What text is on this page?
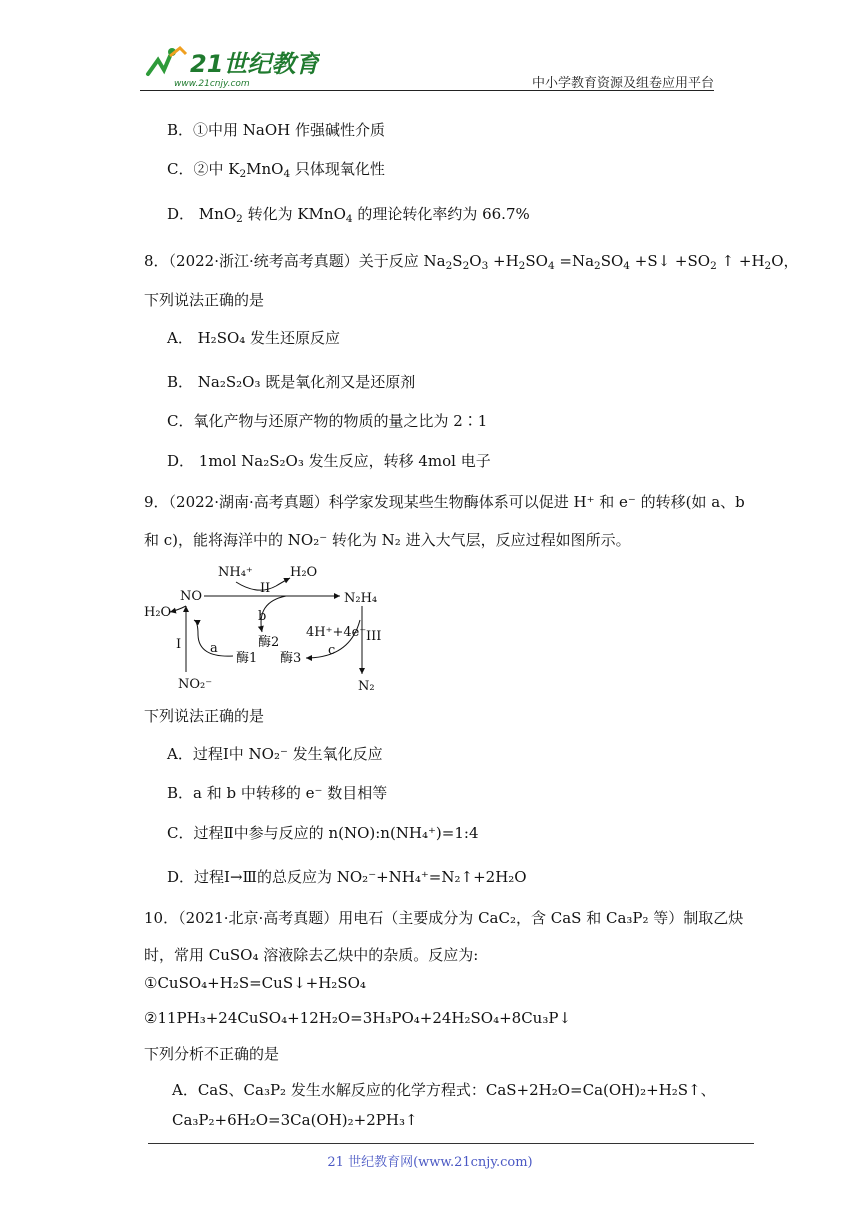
21世纪教育
www.21cnjy.com	中小学教育资源及组卷应用平台
B．①中用 NaOH 作强碱性介质
C．②中 $K_2MnO_4$ 只体现氧化性
D． MnO$_2$ 转化为 KMnO$_4$ 的理论转化率约为 66.7%
8．（2022·浙江·统考高考真题）关于反应 $Na_2S_2O_3 +H_2SO_4 =Na_2SO_4$ +S↓ $+SO_2$ ↑ $+H_2O$，
下列说法正确的是
A． H₂SO₄ 发生还原反应
B． Na₂S₂O₃ 既是氧化剂又是还原剂
C．氧化产物与还原产物的物质的量之比为 2∶1
D． 1mol Na₂S₂O₃ 发生反应，转移 4mol 电子
9．（2022·湖南·高考真题）科学家发现某些生物酶体系可以促进 H⁺ 和 e⁻ 的转移(如 a、b
和 c)，能将海洋中的 NO₂⁻ 转化为 N₂ 进入大气层，反应过程如图所示。
NH₄⁺	H₂O
II
NO	N₂H₄
H₂O	b
4H⁺+4e⁻ III
I	酶2
a	c
酶1 酶3
NO₂⁻	N₂
下列说法正确的是
A．过程Ⅰ中 NO₂⁻ 发生氧化反应
B．a 和 b 中转移的 e⁻ 数目相等
C．过程Ⅱ中参与反应的 n(NO):n(NH₄⁺)=1:4
D．过程Ⅰ→Ⅲ的总反应为 NO₂⁻+NH₄⁺=N₂↑+2H₂O
10．（2021·北京·高考真题）用电石（主要成分为 CaC₂，含 CaS 和 Ca₃P₂ 等）制取乙炔
时，常用 CuSO₄ 溶液除去乙炔中的杂质。反应为:
①CuSO₄+H₂S=CuS↓+H₂SO₄
②11PH₃+24CuSO₄+12H₂O=3H₃PO₄+24H₂SO₄+8Cu₃P↓
下列分析不正确的是
A．CaS、Ca₃P₂ 发生水解反应的化学方程式：CaS+2H₂O=Ca(OH)₂+H₂S↑、
Ca₃P₂+6H₂O=3Ca(OH)₂+2PH₃↑
21 世纪教育网(www.21cnjy.com)
